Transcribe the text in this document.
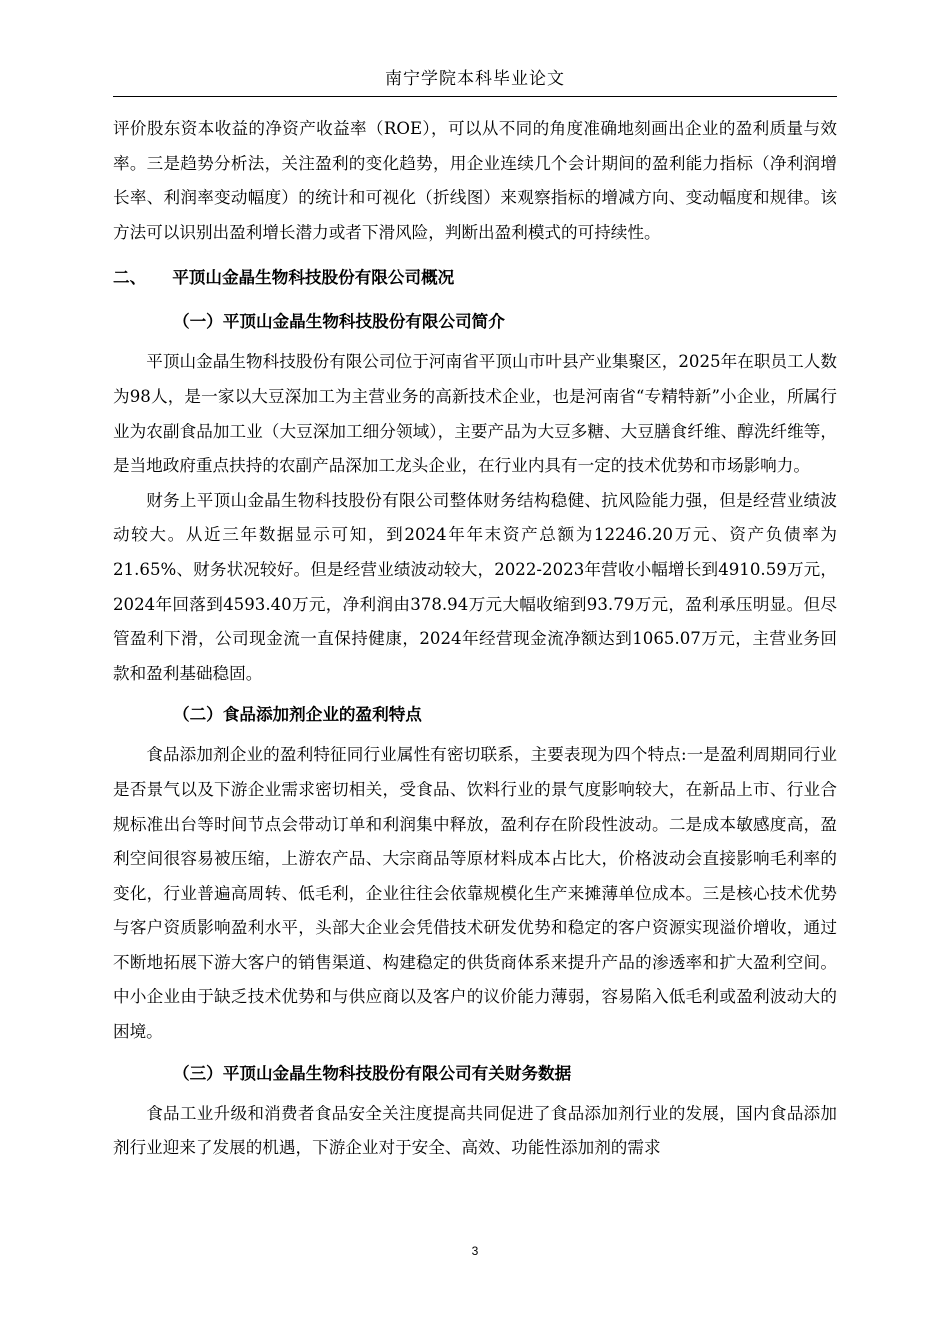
南宁学院本科毕业论文

评价股东资本收益的净资产收益率（ROE），可以从不同的角度准确地刻画出企业的盈利质量与效率。三是趋势分析法，关注盈利的变化趋势，用企业连续几个会计期间的盈利能力指标（净利润增长率、利润率变动幅度）的统计和可视化（折线图）来观察指标的增减方向、变动幅度和规律。该方法可以识别出盈利增长潜力或者下滑风险，判断出盈利模式的可持续性。

二、 平顶山金晶生物科技股份有限公司概况
（一）平顶山金晶生物科技股份有限公司简介

平顶山金晶生物科技股份有限公司位于河南省平顶山市叶县产业集聚区，2025年在职员工人数为98人，是一家以大豆深加工为主营业务的高新技术企业，也是河南省“专精特新”小企业，所属行业为农副食品加工业（大豆深加工细分领域），主要产品为大豆多糖、大豆膳食纤维、醇洗纤维等，是当地政府重点扶持的农副产品深加工龙头企业，在行业内具有一定的技术优势和市场影响力。

财务上平顶山金晶生物科技股份有限公司整体财务结构稳健、抗风险能力强，但是经营业绩波动较大。从近三年数据显示可知，到2024年年末资产总额为12246.20万元、资产负债率为21.65%、财务状况较好。但是经营业绩波动较大，2022-2023年营收小幅增长到4910.59万元，2024年回落到4593.40万元，净利润由378.94万元大幅收缩到93.79万元，盈利承压明显。但尽管盈利下滑，公司现金流一直保持健康，2024年经营现金流净额达到1065.07万元，主营业务回款和盈利基础稳固。

（二）食品添加剂企业的盈利特点

食品添加剂企业的盈利特征同行业属性有密切联系，主要表现为四个特点:一是盈利周期同行业是否景气以及下游企业需求密切相关，受食品、饮料行业的景气度影响较大，在新品上市、行业合规标准出台等时间节点会带动订单和利润集中释放，盈利存在阶段性波动。二是成本敏感度高，盈利空间很容易被压缩，上游农产品、大宗商品等原材料成本占比大，价格波动会直接影响毛利率的变化，行业普遍高周转、低毛利，企业往往会依靠规模化生产来摊薄单位成本。三是核心技术优势与客户资质影响盈利水平，头部大企业会凭借技术研发优势和稳定的客户资源实现溢价增收，通过不断地拓展下游大客户的销售渠道、构建稳定的供货商体系来提升产品的渗透率和扩大盈利空间。中小企业由于缺乏技术优势和与供应商以及客户的议价能力薄弱，容易陷入低毛利或盈利波动大的困境。

（三）平顶山金晶生物科技股份有限公司有关财务数据

食品工业升级和消费者食品安全关注度提高共同促进了食品添加剂行业的发展，国内食品添加剂行业迎来了发展的机遇，下游企业对于安全、高效、功能性添加剂的需求

3
